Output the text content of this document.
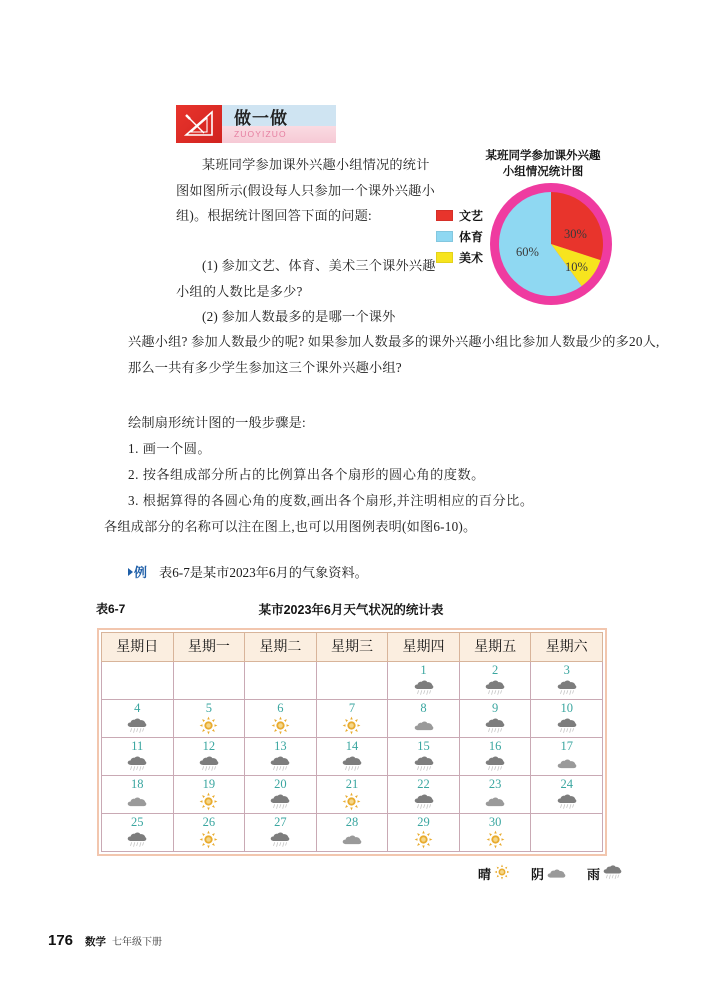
做一做
ZUOYIZUO
某班同学参加课外兴趣小组情况的统计图如图所示(假设每人只参加一个课外兴趣小组)。根据统计图回答下面的问题:
(1) 参加文艺、体育、美术三个课外兴趣小组的人数比是多少?
(2) 参加人数最多的是哪一个课外
兴趣小组? 参加人数最少的呢? 如果参加人数最多的课外兴趣小组比参加人数最少的多20人,那么一共有多少学生参加这三个课外兴趣小组?
绘制扇形统计图的一般步骤是:
1. 画一个圆。
2. 按各组成部分所占的比例算出各个扇形的圆心角的度数。
3. 根据算得的各圆心角的度数,画出各个扇形,并注明相应的百分比。
各组成部分的名称可以注在图上,也可以用图例表明(如图6-10)。
某班同学参加课外兴趣
小组情况统计图
文艺
体育
美术
30%
60%
10%
例 表6-7是某市2023年6月的气象资料。
表6-7	某市2023年6月天气状况的统计表
星期日	星期一	星期二	星期三	星期四	星期五	星期六

				1	2	3

4	5	6	7	8	9	10

11	12	13	14	15	16	17

18	19	20	21	22	23	24

25	26	27	28	29	30	

晴	阴	雨
176 数学 七年级下册
